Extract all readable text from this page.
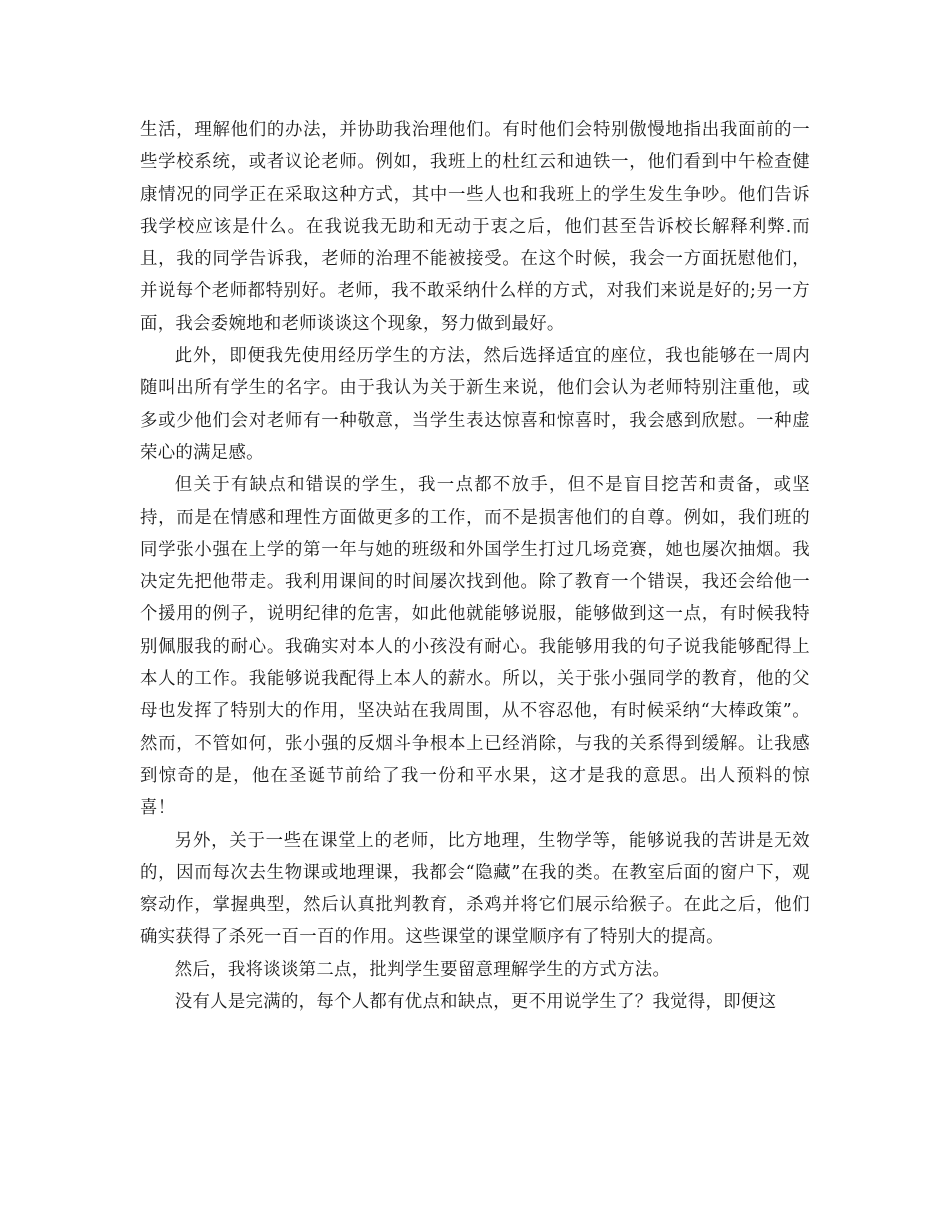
生活，理解他们的办法，并协助我治理他们。有时他们会特别傲慢地指出我面前的一些学校系统，或者议论老师。例如，我班上的杜红云和迪铁一，他们看到中午检查健康情况的同学正在采取这种方式，其中一些人也和我班上的学生发生争吵。他们告诉我学校应该是什么。在我说我无助和无动于衷之后，他们甚至告诉校长解释利弊.而且，我的同学告诉我，老师的治理不能被接受。在这个时候，我会一方面抚慰他们，并说每个老师都特别好。老师，我不敢采纳什么样的方式，对我们来说是好的;另一方面，我会委婉地和老师谈谈这个现象，努力做到最好。

此外，即便我先使用经历学生的方法，然后选择适宜的座位，我也能够在一周内随叫出所有学生的名字。由于我认为关于新生来说，他们会认为老师特别注重他，或多或少他们会对老师有一种敬意，当学生表达惊喜和惊喜时，我会感到欣慰。一种虚荣心的满足感。

但关于有缺点和错误的学生，我一点都不放手，但不是盲目挖苦和责备，或坚持，而是在情感和理性方面做更多的工作，而不是损害他们的自尊。例如，我们班的同学张小强在上学的第一年与她的班级和外国学生打过几场竞赛，她也屡次抽烟。我决定先把他带走。我利用课间的时间屡次找到他。除了教育一个错误，我还会给他一个援用的例子，说明纪律的危害，如此他就能够说服，能够做到这一点，有时候我特别佩服我的耐心。我确实对本人的小孩没有耐心。我能够用我的句子说我能够配得上本人的工作。我能够说我配得上本人的薪水。所以，关于张小强同学的教育，他的父母也发挥了特别大的作用，坚决站在我周围，从不容忍他，有时候采纳“大棒政策”。然而，不管如何，张小强的反烟斗争根本上已经消除，与我的关系得到缓解。让我感到惊奇的是，他在圣诞节前给了我一份和平水果，这才是我的意思。出人预料的惊喜！

另外，关于一些在课堂上的老师，比方地理，生物学等，能够说我的苦讲是无效的，因而每次去生物课或地理课，我都会“隐藏”在我的类。在教室后面的窗户下，观察动作，掌握典型，然后认真批判教育，杀鸡并将它们展示给猴子。在此之后，他们确实获得了杀死一百一百的作用。这些课堂的课堂顺序有了特别大的提高。

然后，我将谈谈第二点，批判学生要留意理解学生的方式方法。

没有人是完满的，每个人都有优点和缺点，更不用说学生了？我觉得，即便这
